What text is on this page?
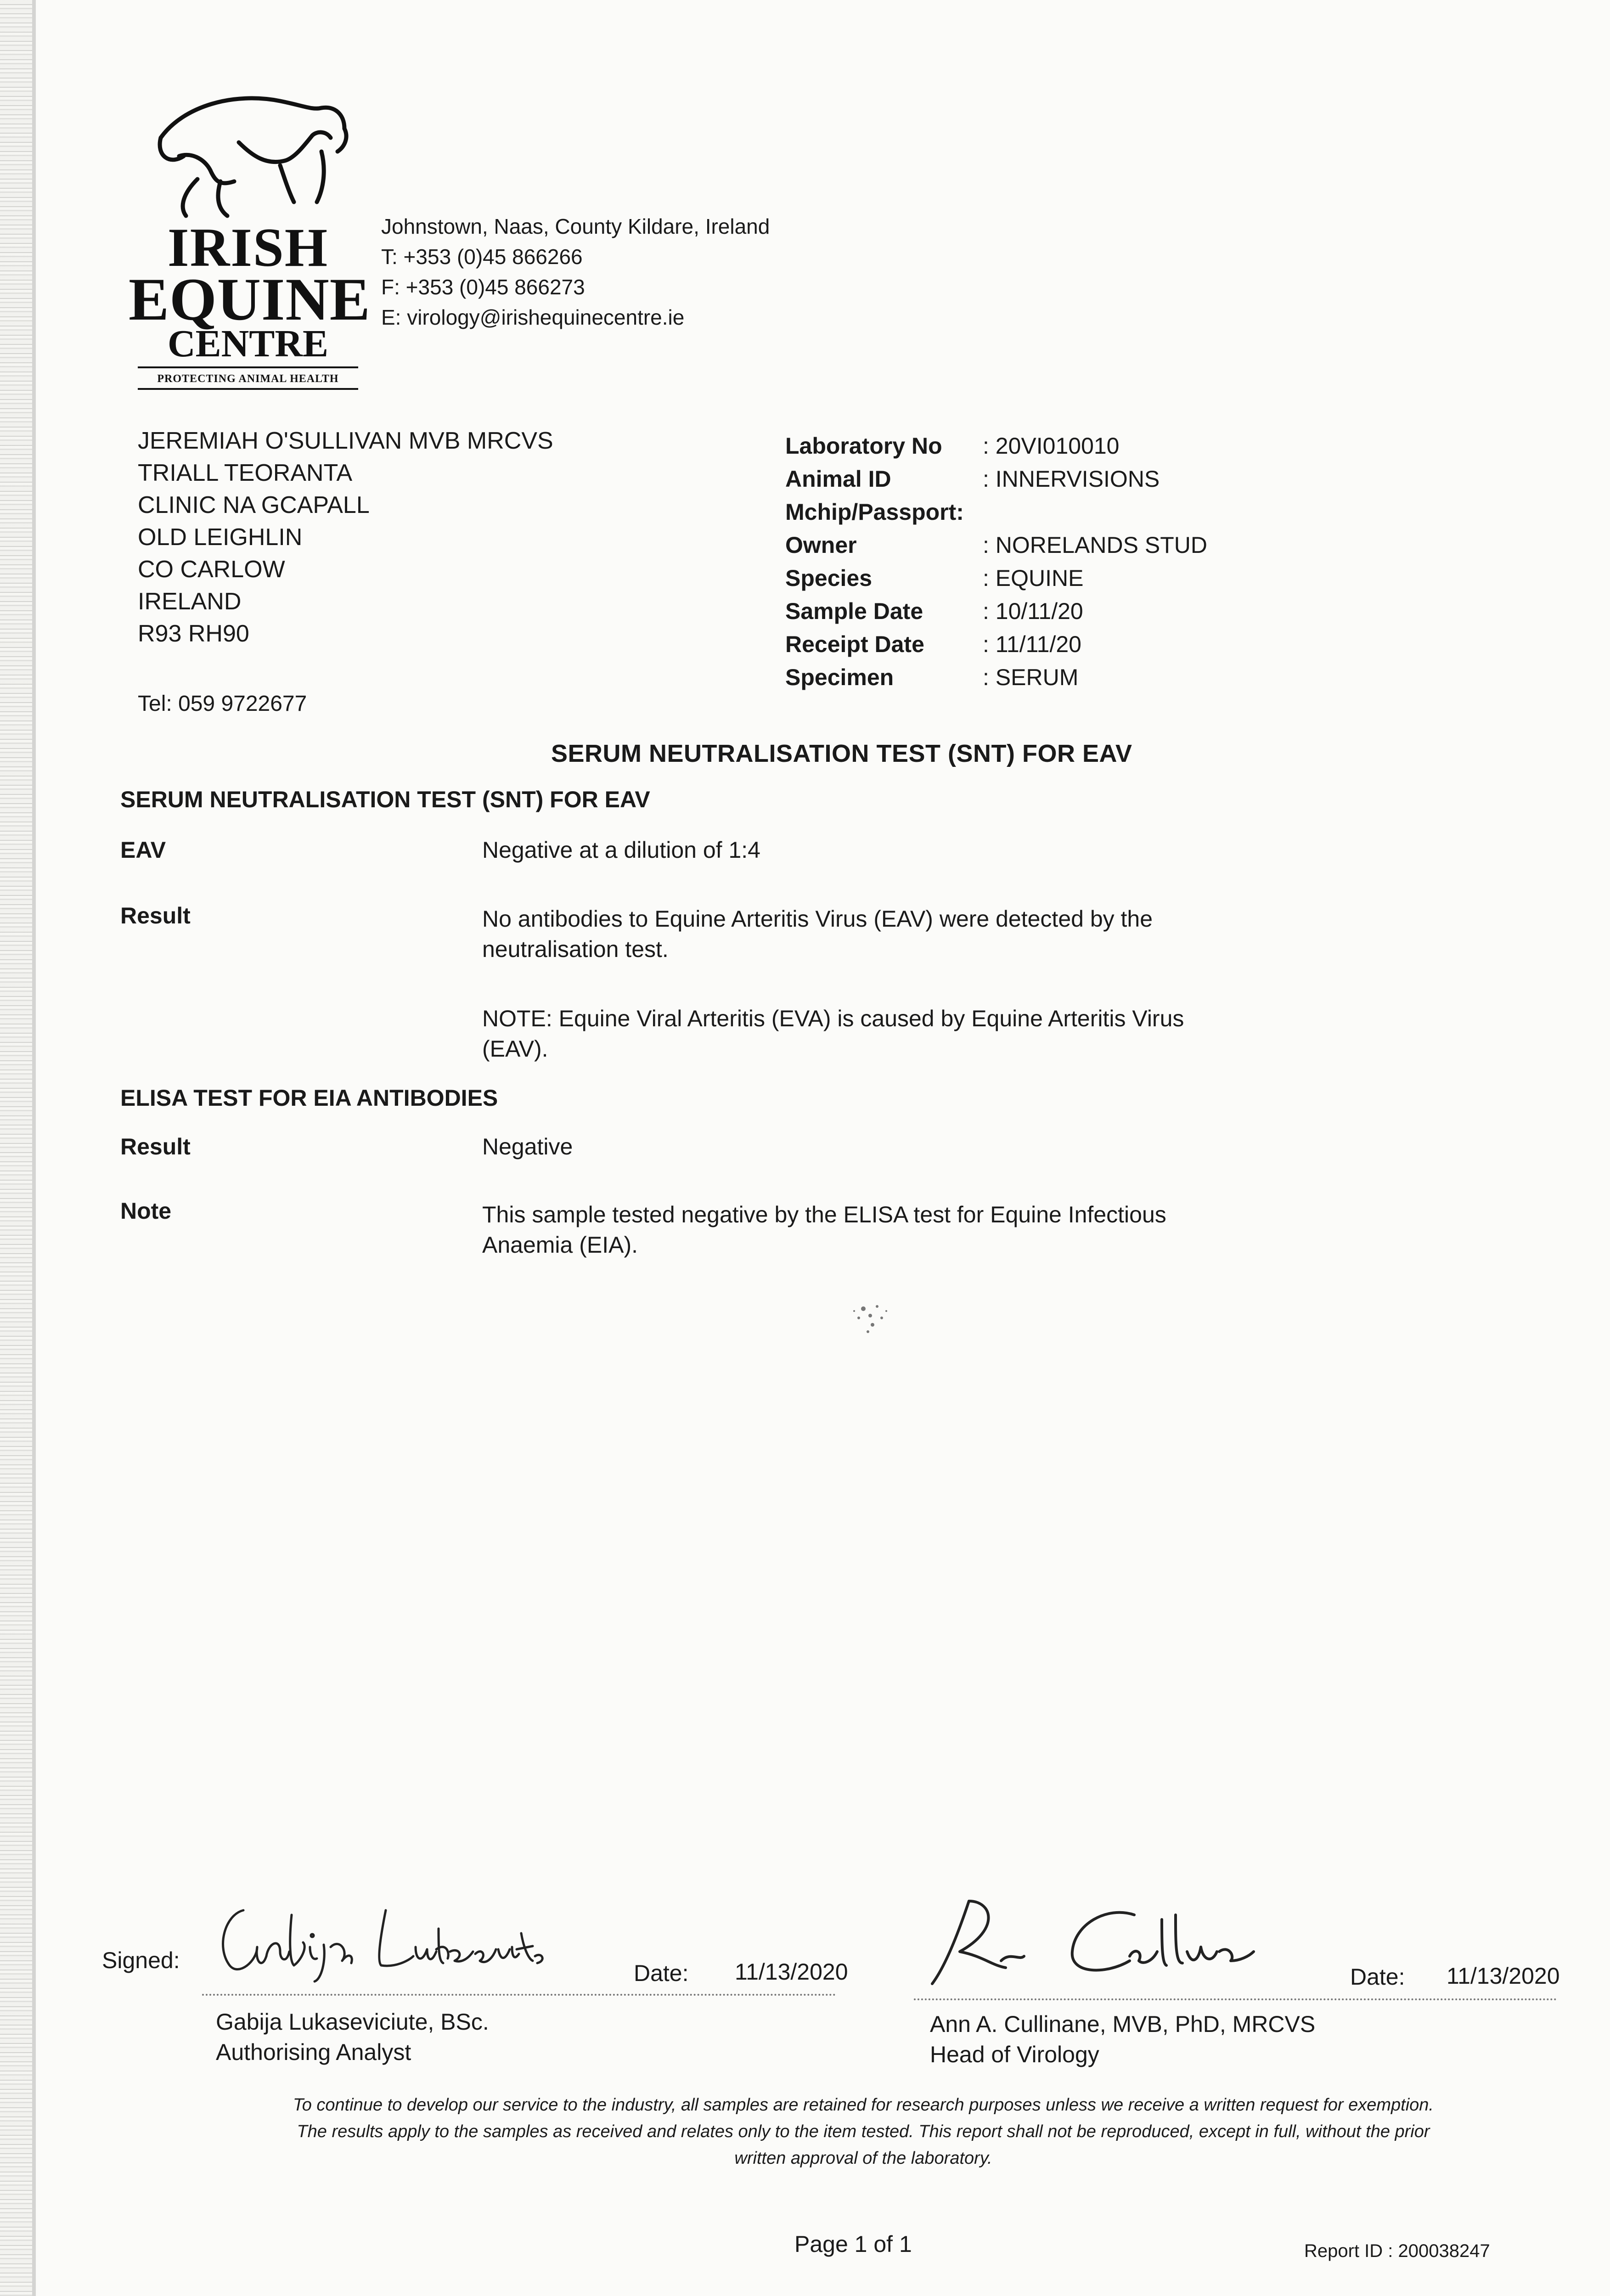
IRISH
EQUINE
CENTRE
PROTECTING ANIMAL HEALTH
Johnstown, Naas, County Kildare, Ireland
T: +353 (0)45 866266
F: +353 (0)45 866273
E: virology@irishequinecentre.ie
JEREMIAH O'SULLIVAN MVB MRCVS
TRIALL TEORANTA
CLINIC NA GCAPALL
OLD LEIGHLIN
CO CARLOW
IRELAND
R93 RH90
Tel: 059 9722677
Laboratory No	: 20VI010010
Animal ID	: INNERVISIONS
Mchip/Passport:
Owner	: NORELANDS STUD
Species	: EQUINE
Sample Date	: 10/11/20
Receipt Date	: 11/11/20
Specimen	: SERUM
SERUM NEUTRALISATION TEST (SNT) FOR EAV
SERUM NEUTRALISATION TEST (SNT) FOR EAV
EAV	Negative at a dilution of 1:4
Result	No antibodies to Equine Arteritis Virus (EAV) were detected by the
neutralisation test.
NOTE: Equine Viral Arteritis (EVA) is caused by Equine Arteritis Virus
(EAV).
ELISA TEST FOR EIA ANTIBODIES
Result	Negative
Note	This sample tested negative by the ELISA test for Equine Infectious
Anaemia (EIA).
Signed:	Date: 11/13/2020
Gabija Lukaseviciute, BSc.
Authorising Analyst
Date: 11/13/2020
Ann A. Cullinane, MVB, PhD, MRCVS
Head of Virology
To continue to develop our service to the industry, all samples are retained for research purposes unless we receive a written request for exemption.
The results apply to the samples as received and relates only to the item tested. This report shall not be reproduced, except in full, without the prior
written approval of the laboratory.
Page 1 of 1	Report ID : 200038247
